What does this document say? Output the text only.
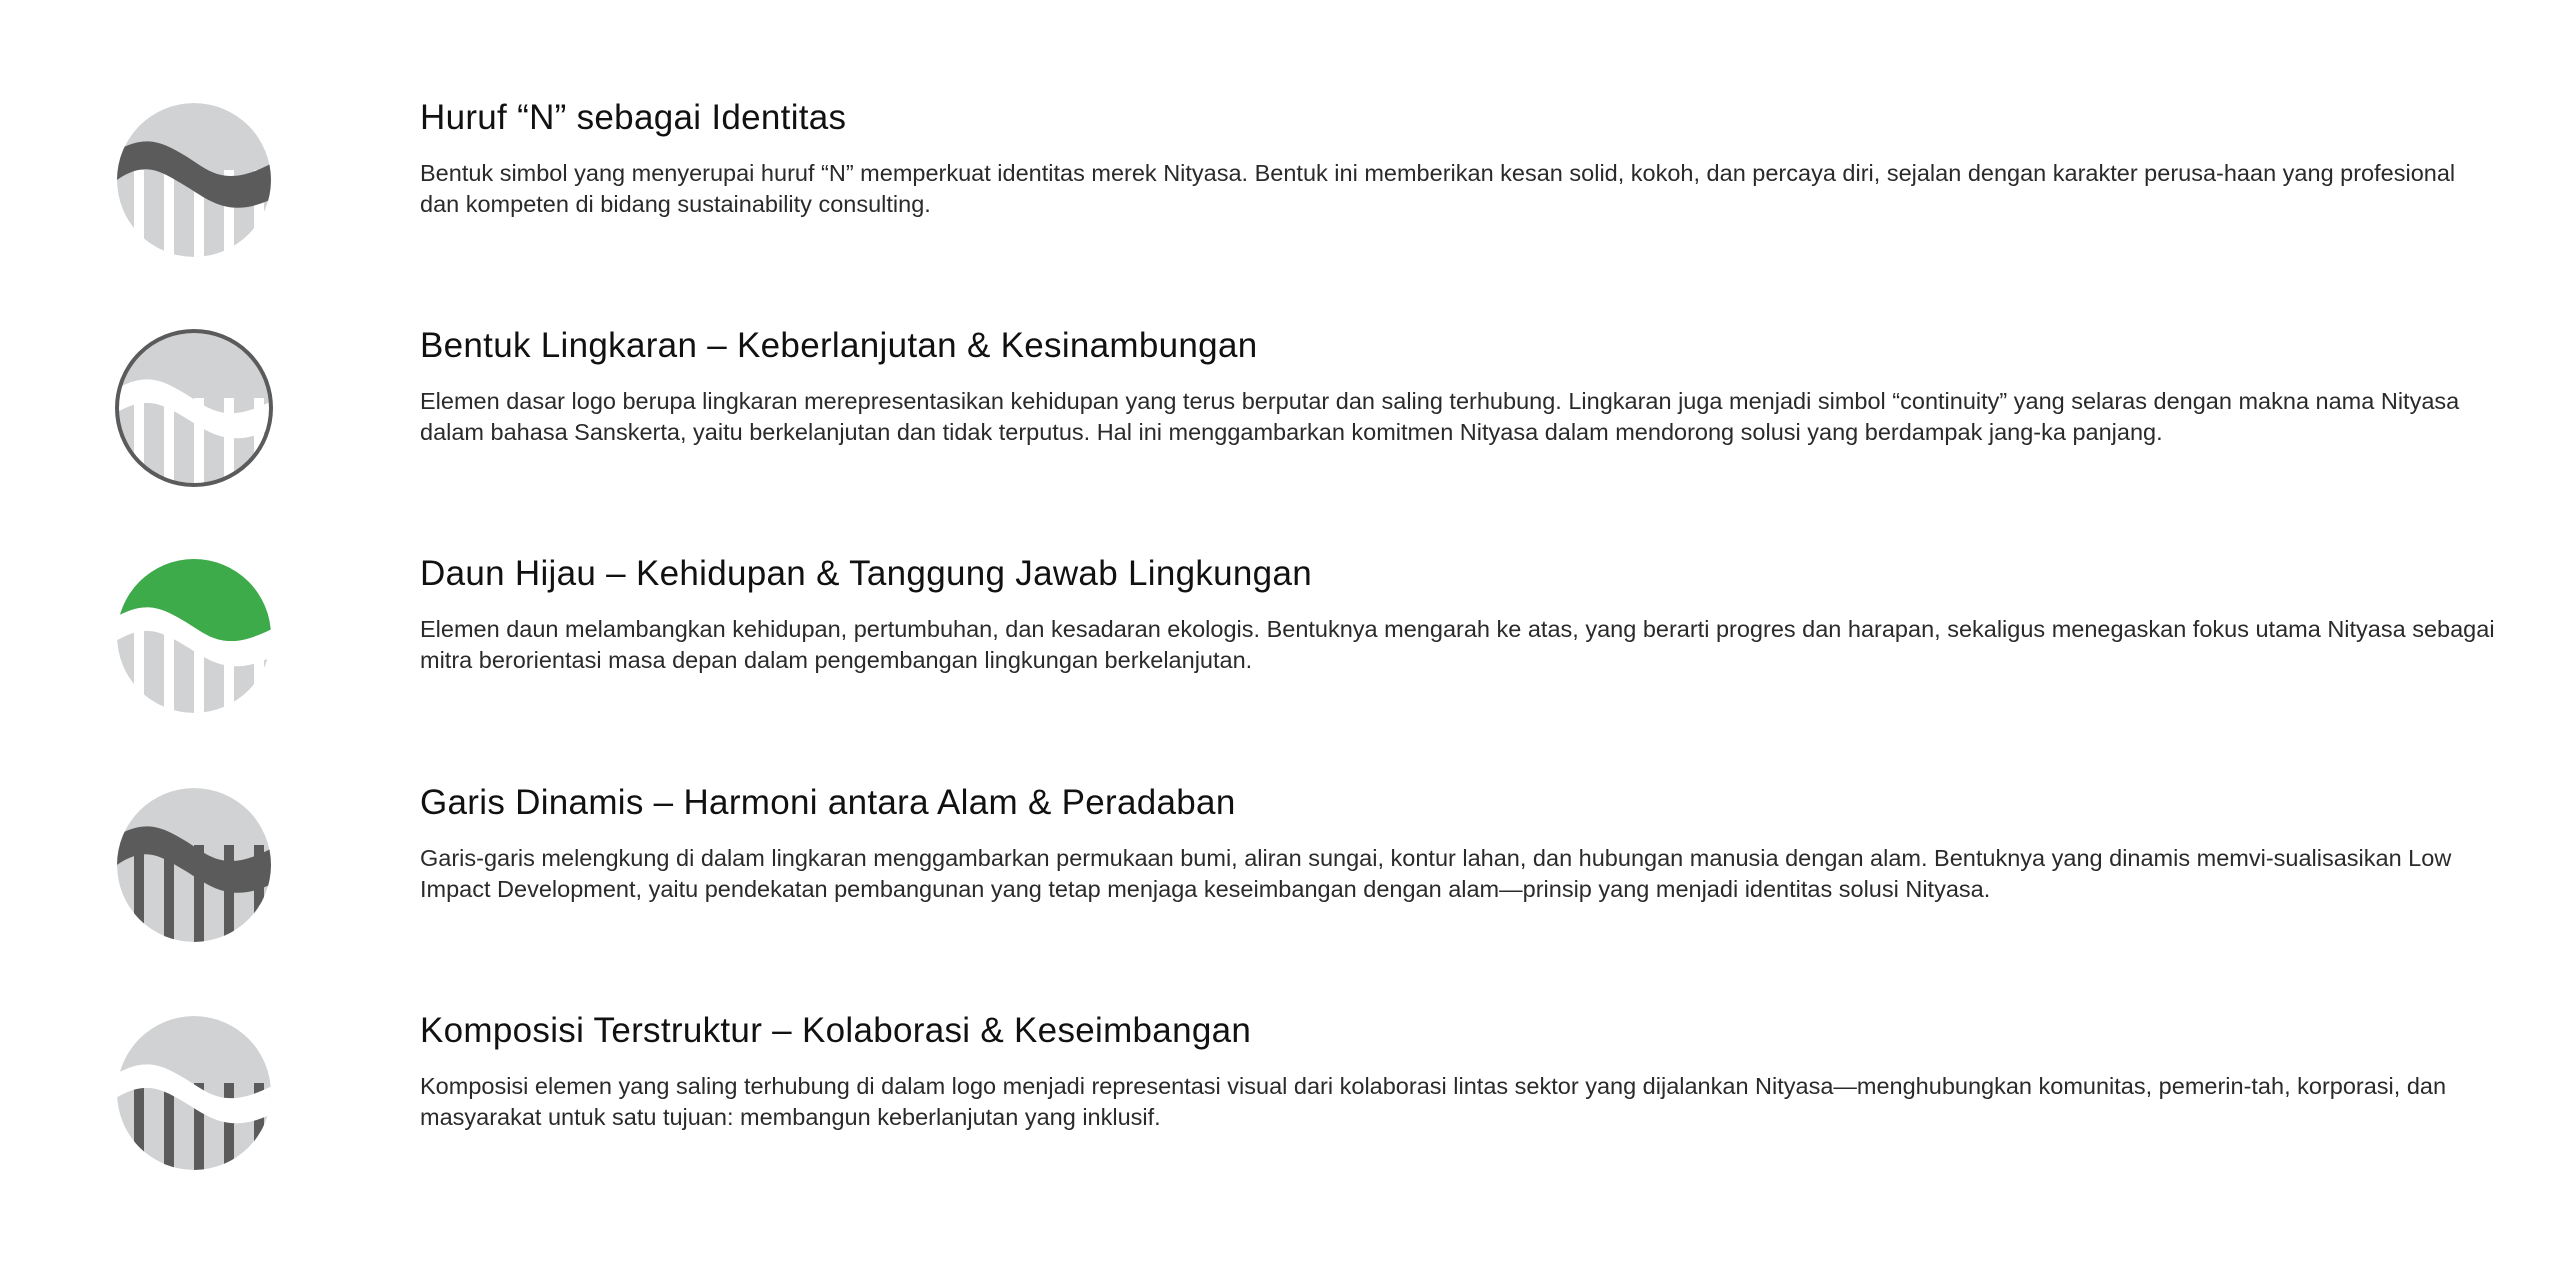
Huruf “N” sebagai Identitas

Bentuk simbol yang menyerupai huruf “N” memperkuat identitas merek Nityasa. Bentuk ini memberikan kesan solid, kokoh, dan percaya diri, sejalan dengan karakter perusa-haan yang profesional dan kompeten di bidang sustainability consulting.

Bentuk Lingkaran – Keberlanjutan & Kesinambungan

Elemen dasar logo berupa lingkaran merepresentasikan kehidupan yang terus berputar dan saling terhubung. Lingkaran juga menjadi simbol “continuity” yang selaras dengan makna nama Nityasa dalam bahasa Sanskerta, yaitu berkelanjutan dan tidak terputus. Hal ini menggambarkan komitmen Nityasa dalam mendorong solusi yang berdampak jang-ka panjang.

Daun Hijau – Kehidupan & Tanggung Jawab Lingkungan

Elemen daun melambangkan kehidupan, pertumbuhan, dan kesadaran ekologis. Bentuknya mengarah ke atas, yang berarti progres dan harapan, sekaligus menegaskan fokus utama Nityasa sebagai mitra berorientasi masa depan dalam pengembangan lingkungan berkelanjutan.

Garis Dinamis – Harmoni antara Alam & Peradaban

Garis-garis melengkung di dalam lingkaran menggambarkan permukaan bumi, aliran sungai, kontur lahan, dan hubungan manusia dengan alam. Bentuknya yang dinamis memvi-sualisasikan Low Impact Development, yaitu pendekatan pembangunan yang tetap menjaga keseimbangan dengan alam—prinsip yang menjadi identitas solusi Nityasa.

Komposisi Terstruktur – Kolaborasi & Keseimbangan

Komposisi elemen yang saling terhubung di dalam logo menjadi representasi visual dari kolaborasi lintas sektor yang dijalankan Nityasa—menghubungkan komunitas, pemerin-tah, korporasi, dan masyarakat untuk satu tujuan: membangun keberlanjutan yang inklusif.
